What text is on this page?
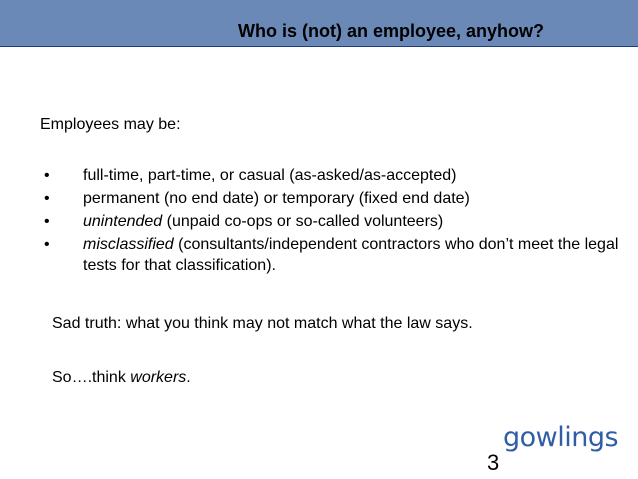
Who is (not) an employee, anyhow?
Employees may be:
•	full-time, part-time, or casual (as-asked/as-accepted)
•	permanent (no end date) or temporary (fixed end date)
•	unintended (unpaid co-ops or so-called volunteers)
•	misclassified (consultants/independent contractors who don’t meet the legal tests for that classification).
Sad truth: what you think may not match what the law says.
So….think workers.
gowlings
3
